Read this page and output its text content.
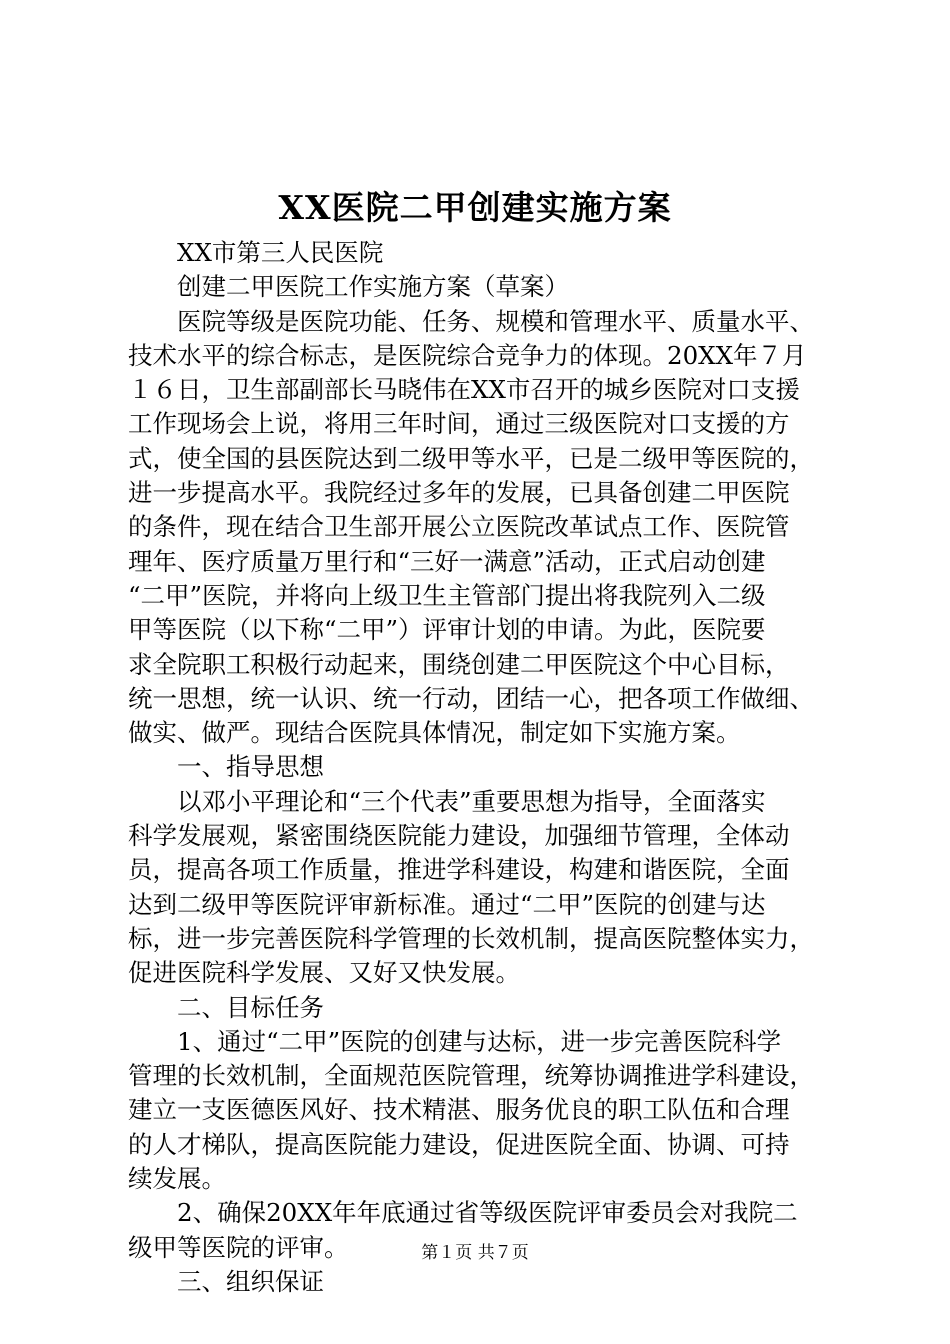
XX医院二甲创建实施方案
XX市第三人民医院
创建二甲医院工作实施方案（草案）
医院等级是医院功能、任务、规模和管理水平、质量水平、
技术水平的综合标志，是医院综合竞争力的体现。20XX年７月
１６日，卫生部副部长马晓伟在XX市召开的城乡医院对口支援
工作现场会上说，将用三年时间，通过三级医院对口支援的方
式，使全国的县医院达到二级甲等水平，已是二级甲等医院的，
进一步提高水平。我院经过多年的发展，已具备创建二甲医院
的条件，现在结合卫生部开展公立医院改革试点工作、医院管
理年、医疗质量万里行和“三好一满意”活动，正式启动创建
“二甲”医院，并将向上级卫生主管部门提出将我院列入二级
甲等医院（以下称“二甲”）评审计划的申请。为此，医院要
求全院职工积极行动起来，围绕创建二甲医院这个中心目标，
统一思想，统一认识、统一行动，团结一心，把各项工作做细、
做实、做严。现结合医院具体情况，制定如下实施方案。
一、指导思想
以邓小平理论和“三个代表”重要思想为指导，全面落实
科学发展观，紧密围绕医院能力建设，加强细节管理，全体动
员，提高各项工作质量，推进学科建设，构建和谐医院，全面
达到二级甲等医院评审新标准。通过“二甲”医院的创建与达
标，进一步完善医院科学管理的长效机制，提高医院整体实力，
促进医院科学发展、又好又快发展。
二、目标任务
1、通过“二甲”医院的创建与达标，进一步完善医院科学
管理的长效机制，全面规范医院管理，统筹协调推进学科建设，
建立一支医德医风好、技术精湛、服务优良的职工队伍和合理
的人才梯队，提高医院能力建设，促进医院全面、协调、可持
续发展。
2、确保20XX年年底通过省等级医院评审委员会对我院二
级甲等医院的评审。
三、组织保证
第１页 共７页
